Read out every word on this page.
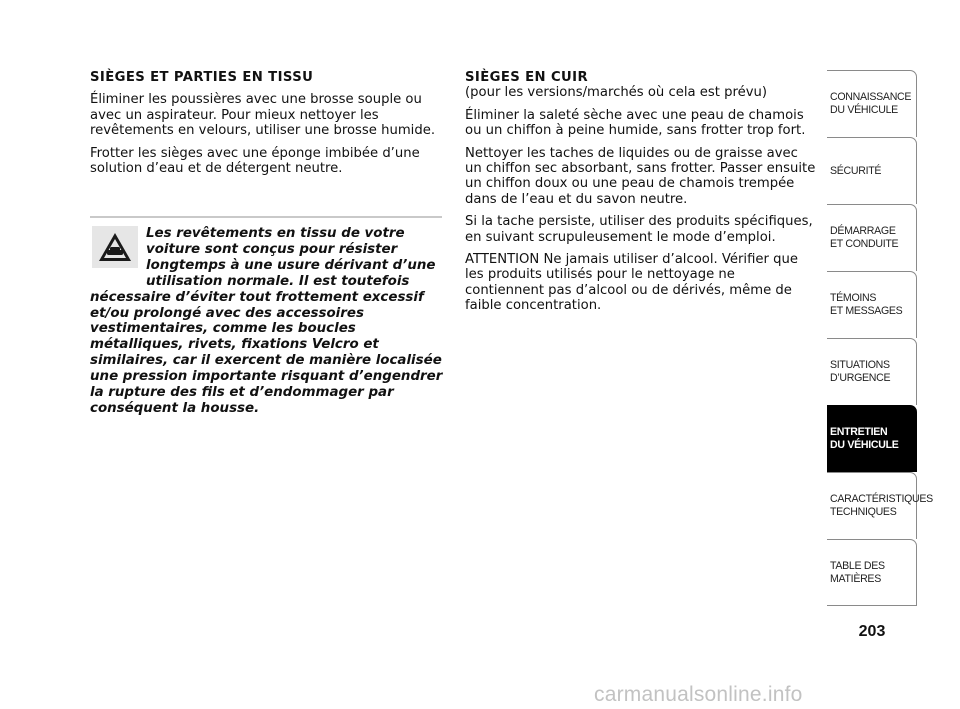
SIÈGES ET PARTIES EN TISSU

Éliminer les poussières avec une brosse souple ou avec un aspirateur. Pour mieux nettoyer les revêtements en velours, utiliser une brosse humide.

Frotter les sièges avec une éponge imbibée d’une solution d’eau et de détergent neutre.

Les revêtements en tissu de votre voiture sont conçus pour résister longtemps à une usure dérivant d’une utilisation normale. Il est toutefois nécessaire d’éviter tout frottement excessif et/ou prolongé avec des accessoires vestimentaires, comme les boucles métalliques, rivets, fixations Velcro et similaires, car il exercent de manière localisée une pression importante risquant d’engendrer la rupture des fils et d’endommager par conséquent la housse.

SIÈGES EN CUIR
(pour les versions/marchés où cela est prévu)

Éliminer la saleté sèche avec une peau de chamois ou un chiffon à peine humide, sans frotter trop fort.

Nettoyer les taches de liquides ou de graisse avec un chiffon sec absorbant, sans frotter. Passer ensuite un chiffon doux ou une peau de chamois trempée dans de l’eau et du savon neutre.

Si la tache persiste, utiliser des produits spécifiques, en suivant scrupuleusement le mode d’emploi.

ATTENTION Ne jamais utiliser d’alcool. Vérifier que les produits utilisés pour le nettoyage ne contiennent pas d’alcool ou de dérivés, même de faible concentration.

CONNAISSANCE
DU VÉHICULE
SÉCURITÉ
DÉMARRAGE
ET CONDUITE
TÉMOINS
ET MESSAGES
SITUATIONS
D’URGENCE
ENTRETIEN
DU VÉHICULE
CARACTÉRISTIQUES
TECHNIQUES
TABLE DES
MATIÈRES
203
carmanualsonline.info
